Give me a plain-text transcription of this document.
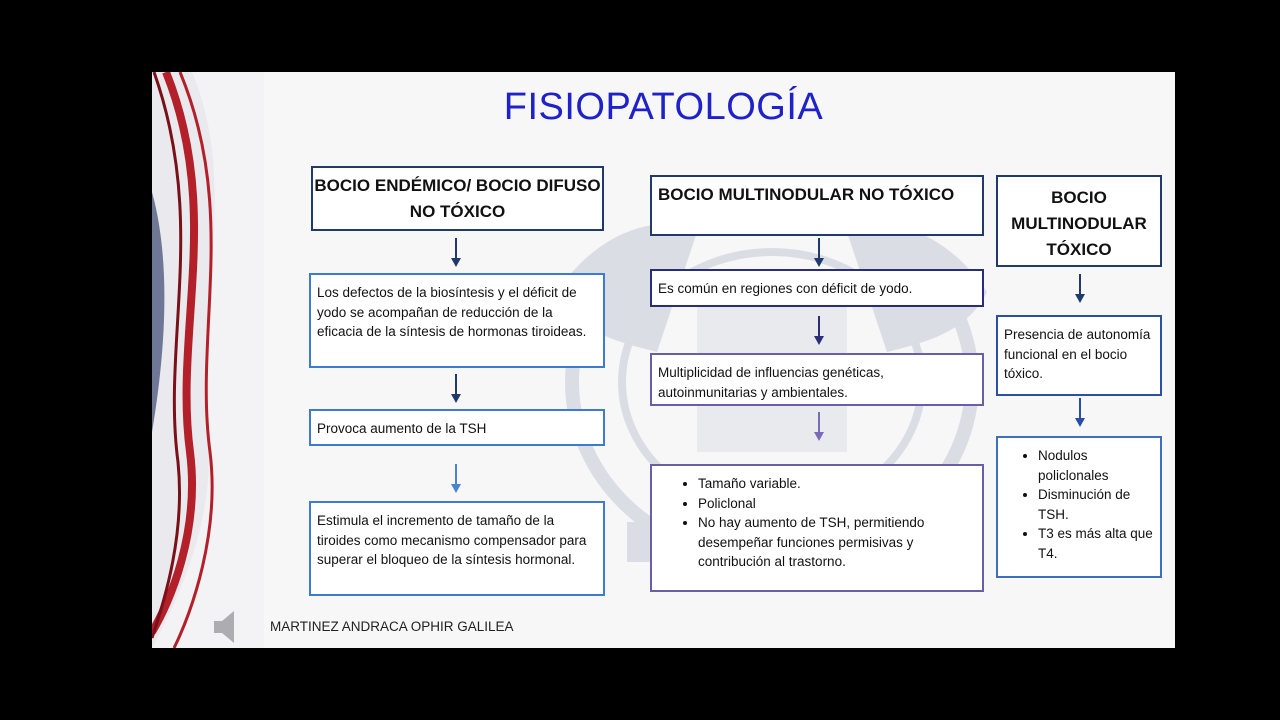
FISIOPATOLOGÍA
BOCIO ENDÉMICO/ BOCIO DIFUSO NO TÓXICO
Los defectos de la biosíntesis y el déficit de yodo se acompañan de reducción de la eficacia de la síntesis de hormonas tiroideas.
Provoca aumento de la TSH
Estimula el incremento de tamaño de la tiroides como mecanismo compensador para superar el bloqueo de la síntesis hormonal.
BOCIO MULTINODULAR NO TÓXICO
Es común en regiones con déficit de yodo.
Multiplicidad de influencias genéticas, autoinmunitarias y ambientales.
• Tamaño variable.
• Policlonal
• No hay aumento de TSH, permitiendo desempeñar funciones permisivas y contribución al trastorno.
BOCIO MULTINODULAR TÓXICO
Presencia de autonomía funcional en el bocio tóxico.
• Nodulos policlonales
• Disminución de TSH.
• T3 es más alta que T4.
MARTINEZ ANDRACA OPHIR GALILEA
